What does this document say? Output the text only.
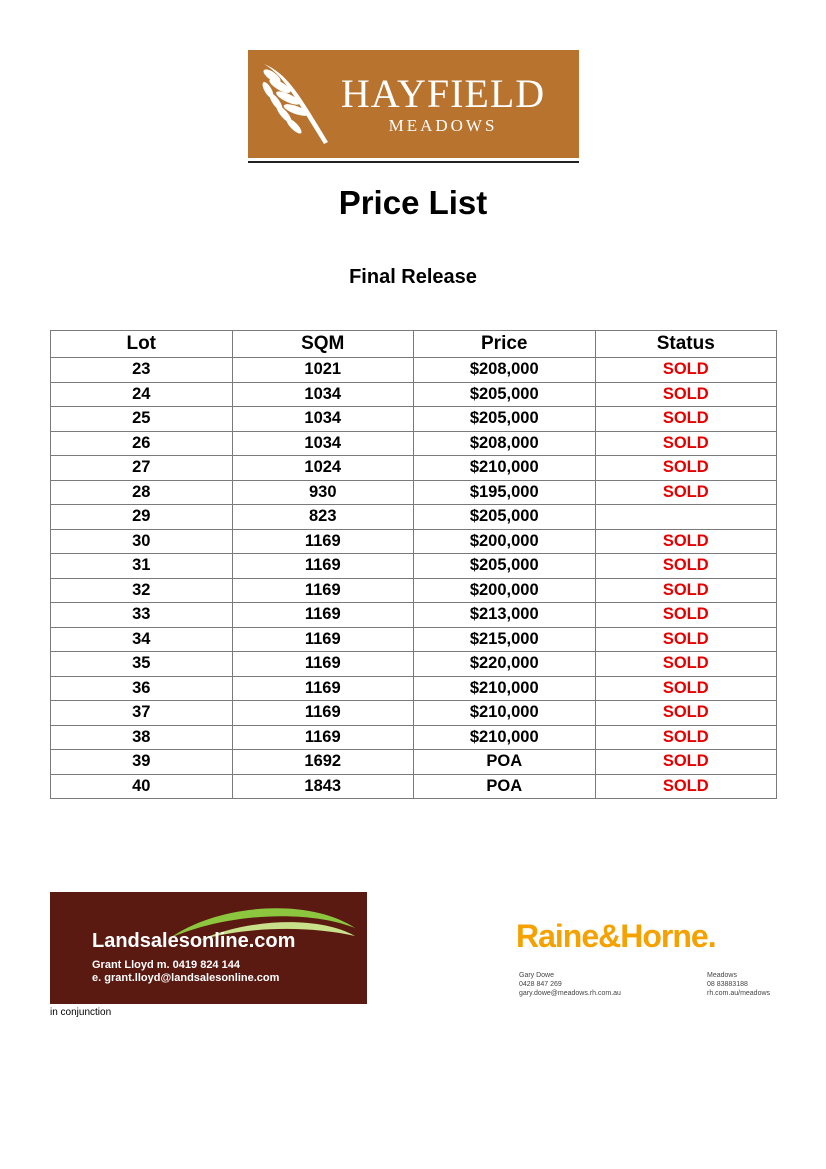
HAYFIELD
MEADOWS
Price List
Final Release
Lot	SQM	Price	Status
23	1021	$208,000	SOLD
24	1034	$205,000	SOLD
25	1034	$205,000	SOLD
26	1034	$208,000	SOLD
27	1024	$210,000	SOLD
28	930	$195,000	SOLD
29	823	$205,000	
30	1169	$200,000	SOLD
31	1169	$205,000	SOLD
32	1169	$200,000	SOLD
33	1169	$213,000	SOLD
34	1169	$215,000	SOLD
35	1169	$220,000	SOLD
36	1169	$210,000	SOLD
37	1169	$210,000	SOLD
38	1169	$210,000	SOLD
39	1692	POA	SOLD
40	1843	POA	SOLD
Landsalesonline.com
Grant Lloyd m. 0419 824 144
e. grant.lloyd@landsalesonline.com
in conjunction
Raine&Horne.
Gary Dowe
0428 847 269
gary.dowe@meadows.rh.com.au
Meadows
08 83883188
rh.com.au/meadows
